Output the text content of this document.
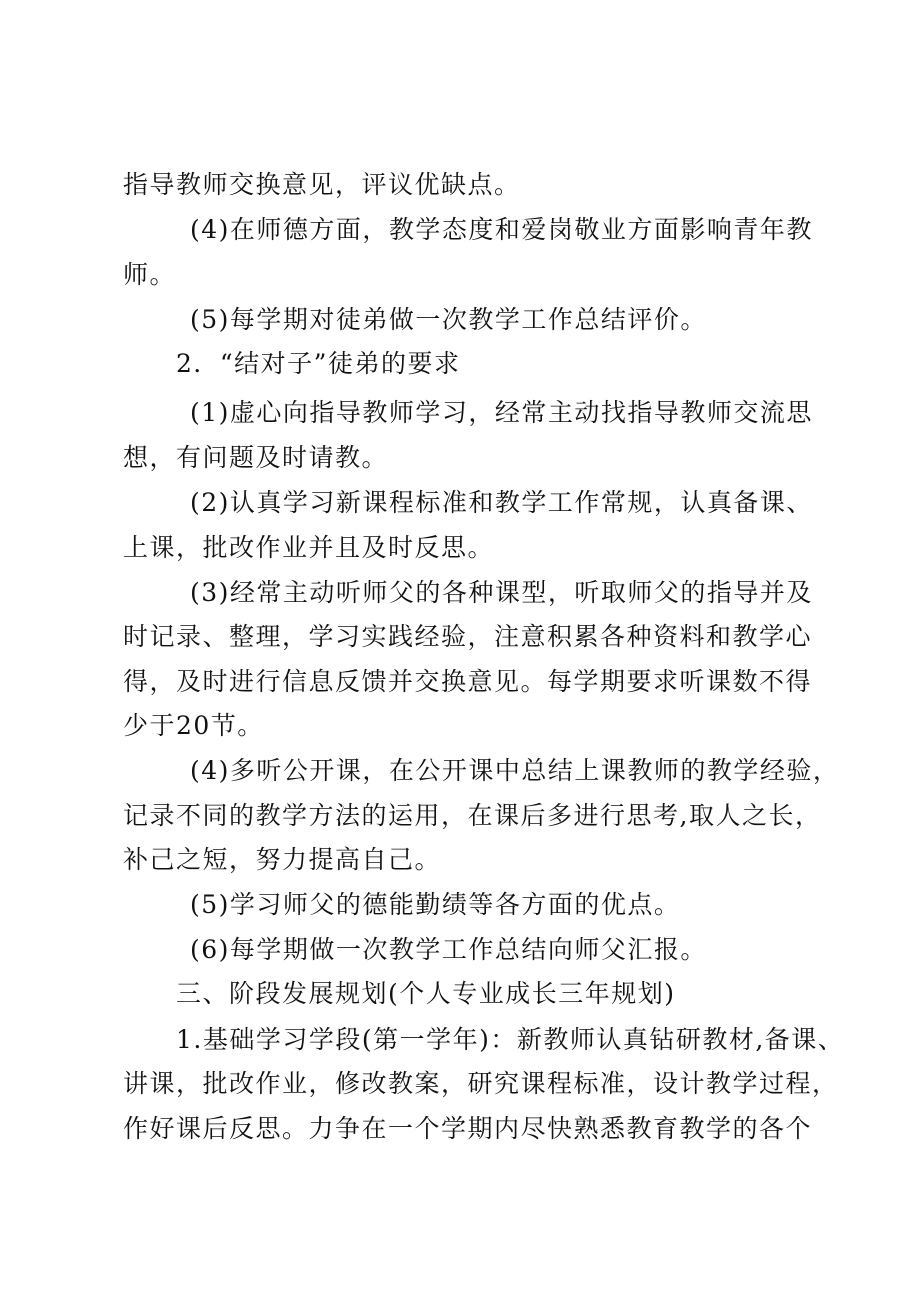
指导教师交换意见，评议优缺点。
(4)在师德方面，教学态度和爱岗敬业方面影响青年教
师。
(5)每学期对徒弟做一次教学工作总结评价。
2．“结对子”徒弟的要求
(1)虚心向指导教师学习，经常主动找指导教师交流思
想，有问题及时请教。
(2)认真学习新课程标准和教学工作常规，认真备课、
上课，批改作业并且及时反思。
(3)经常主动听师父的各种课型，听取师父的指导并及
时记录、整理，学习实践经验，注意积累各种资料和教学心
得，及时进行信息反馈并交换意见。每学期要求听课数不得
少于20节。
(4)多听公开课，在公开课中总结上课教师的教学经验，
记录不同的教学方法的运用，在课后多进行思考,取人之长，
补己之短，努力提高自己。
(5)学习师父的德能勤绩等各方面的优点。
(6)每学期做一次教学工作总结向师父汇报。
三、阶段发展规划(个人专业成长三年规划)
1.基础学习学段(第一学年)：新教师认真钻研教材,备课、
讲课，批改作业，修改教案，研究课程标准，设计教学过程，
作好课后反思。力争在一个学期内尽快熟悉教育教学的各个
